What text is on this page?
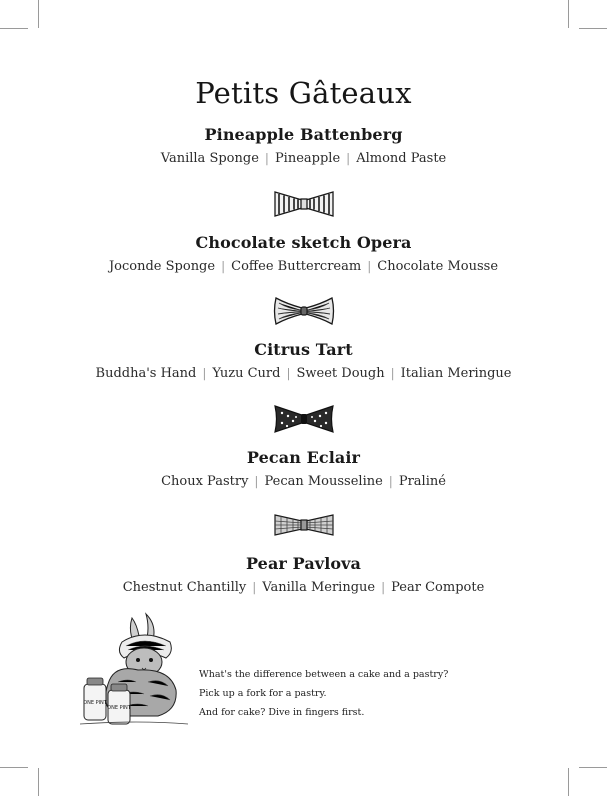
Petits Gâteaux
Pineapple Battenberg
Vanilla Sponge | Pineapple | Almond Paste
Chocolate sketch Opera
Joconde Sponge | Coffee Buttercream | Chocolate Mousse
Citrus Tart
Buddha's Hand | Yuzu Curd | Sweet Dough | Italian Meringue
Pecan Eclair
Choux Pastry | Pecan Mousseline | Praliné
Pear Pavlova
Chestnut Chantilly | Vanilla Meringue | Pear Compote
ONE PINT
ONE PINT
What's the difference between a cake and a pastry?
Pick up a fork for a pastry.
And for cake? Dive in fingers first.
